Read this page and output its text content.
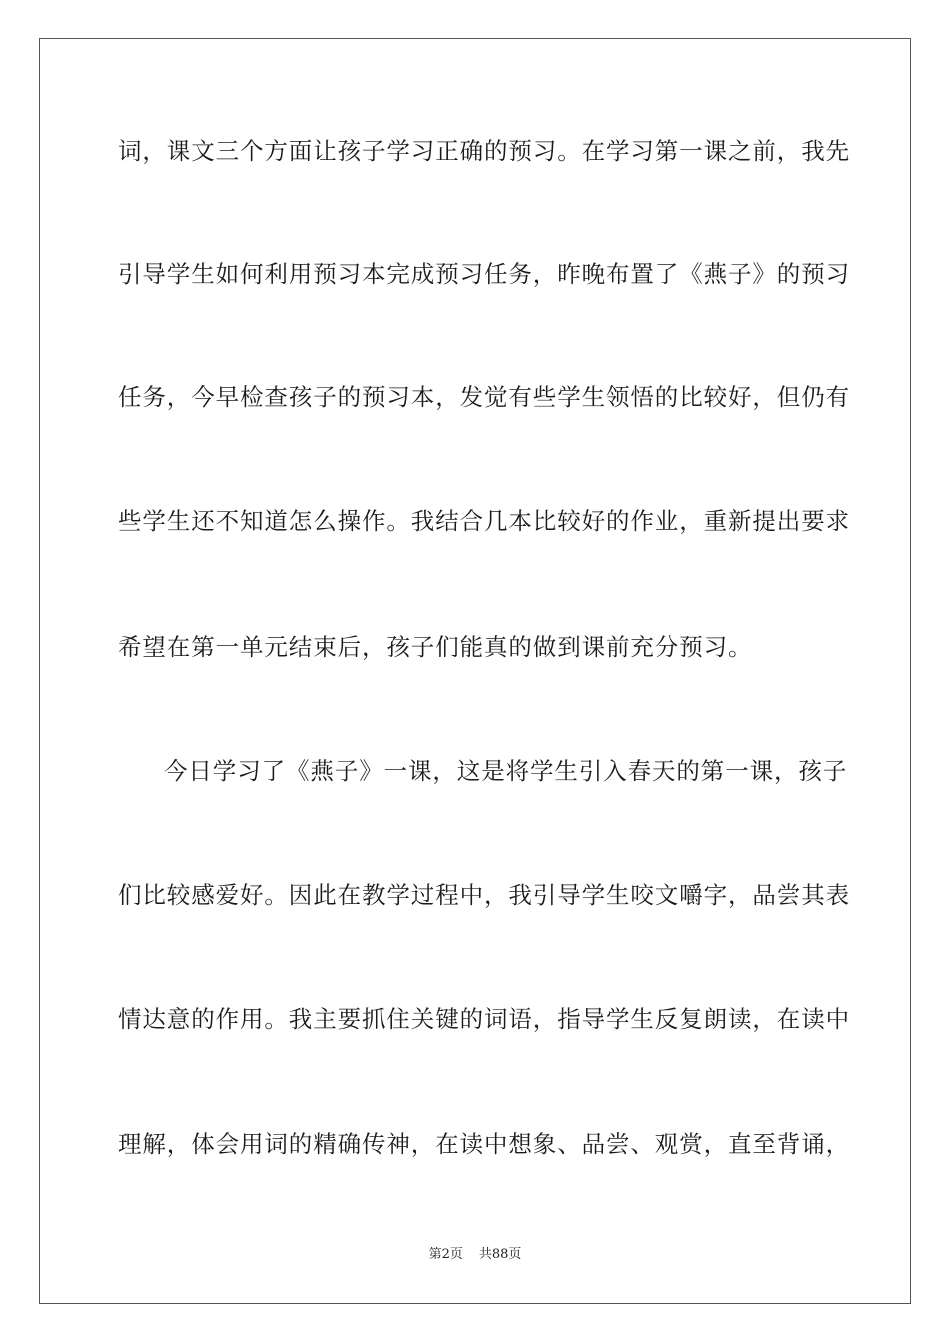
词，课文三个方面让孩子学习正确的预习。在学习第一课之前，我先
引导学生如何利用预习本完成预习任务，昨晚布置了《燕子》的预习
任务，今早检查孩子的预习本，发觉有些学生领悟的比较好，但仍有
些学生还不知道怎么操作。我结合几本比较好的作业，重新提出要求
希望在第一单元结束后，孩子们能真的做到课前充分预习。
今日学习了《燕子》一课，这是将学生引入春天的第一课，孩子
们比较感爱好。因此在教学过程中，我引导学生咬文嚼字，品尝其表
情达意的作用。我主要抓住关键的词语，指导学生反复朗读，在读中
理解，体会用词的精确传神，在读中想象、品尝、观赏，直至背诵，
第2页 共88页
